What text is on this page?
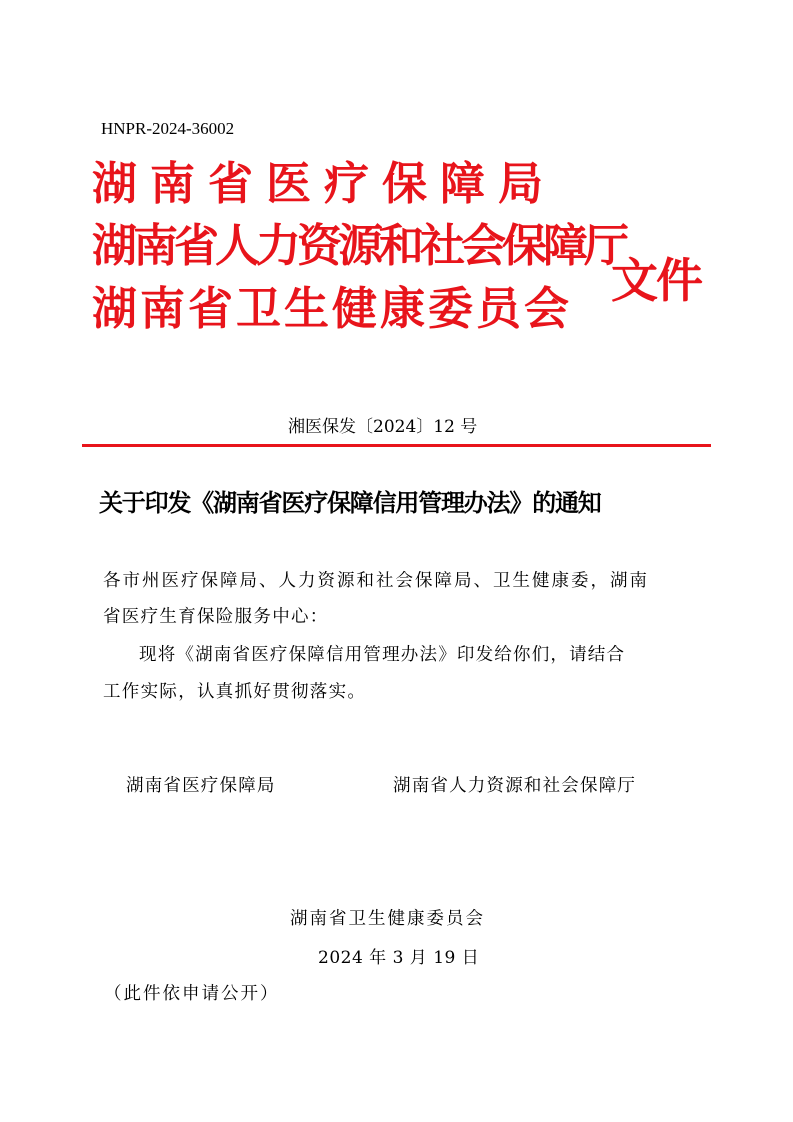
HNPR-2024-36002
湖南省医疗保障局
湖南省人力资源和社会保障厅
湖南省卫生健康委员会 文件
湘医保发〔2024〕12 号
关于印发《湖南省医疗保障信用管理办法》的通知
各市州医疗保障局、人力资源和社会保障局、卫生健康委，湖南
省医疗生育保险服务中心：
现将《湖南省医疗保障信用管理办法》印发给你们，请结合
工作实际，认真抓好贯彻落实。
湖南省医疗保障局	湖南省人力资源和社会保障厅
湖南省卫生健康委员会
2024 年 3 月 19 日
（此件依申请公开）
